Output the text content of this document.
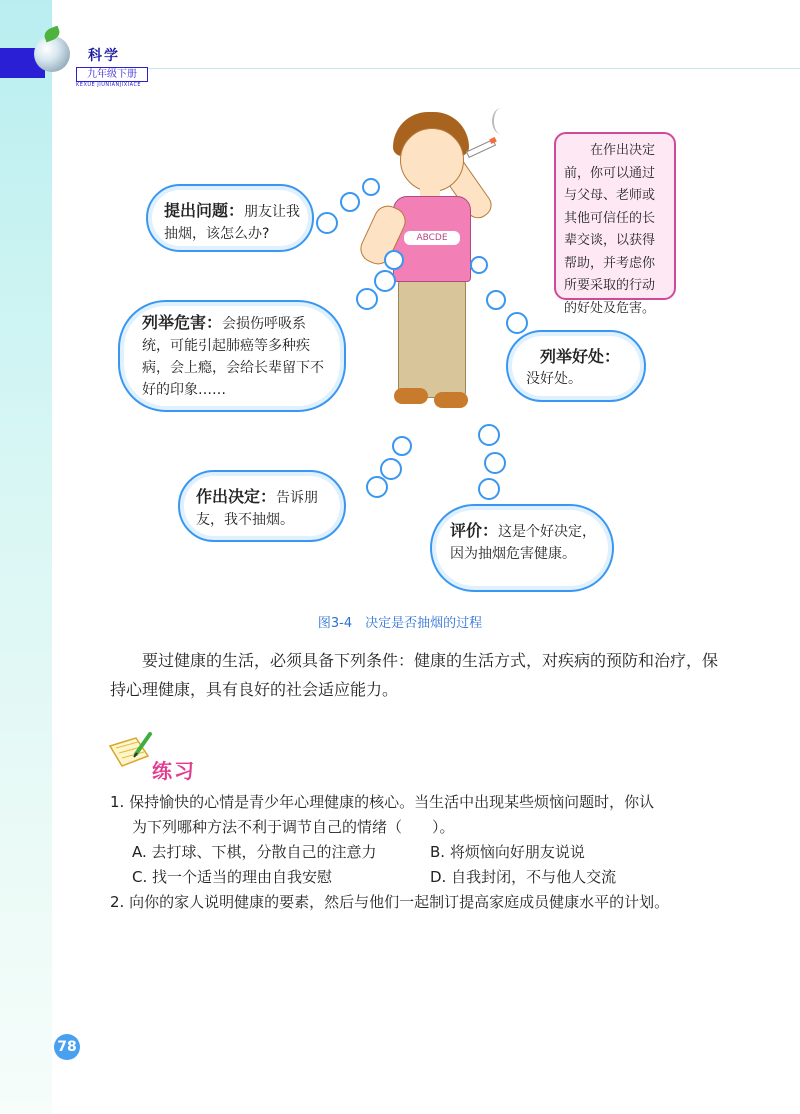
科学
九年级下册
KEXUE JIUNIANJIXIACE
ABCDE
提出问题：朋友让我抽烟，该怎么办?
列举危害：会损伤呼吸系统，可能引起肺癌等多种疾病，会上瘾，会给长辈留下不好的印象……
列举好处：
没好处。
作出决定：告诉朋友，我不抽烟。
评价：这是个好决定，因为抽烟危害健康。
在作出决定前，你可以通过与父母、老师或其他可信任的长辈交谈，以获得帮助，并考虑你所要采取的行动的好处及危害。
图3-4　决定是否抽烟的过程
要过健康的生活，必须具备下列条件：健康的生活方式，对疾病的预防和治疗，保持心理健康，具有良好的社会适应能力。
练习
1. 保持愉快的心情是青少年心理健康的核心。当生活中出现某些烦恼问题时，你认
为下列哪种方法不利于调节自己的情绪（　　）。
A. 去打球、下棋，分散自己的注意力	B. 将烦恼向好朋友说说
C. 找一个适当的理由自我安慰	D. 自我封闭，不与他人交流
2. 向你的家人说明健康的要素，然后与他们一起制订提高家庭成员健康水平的计划。
78
